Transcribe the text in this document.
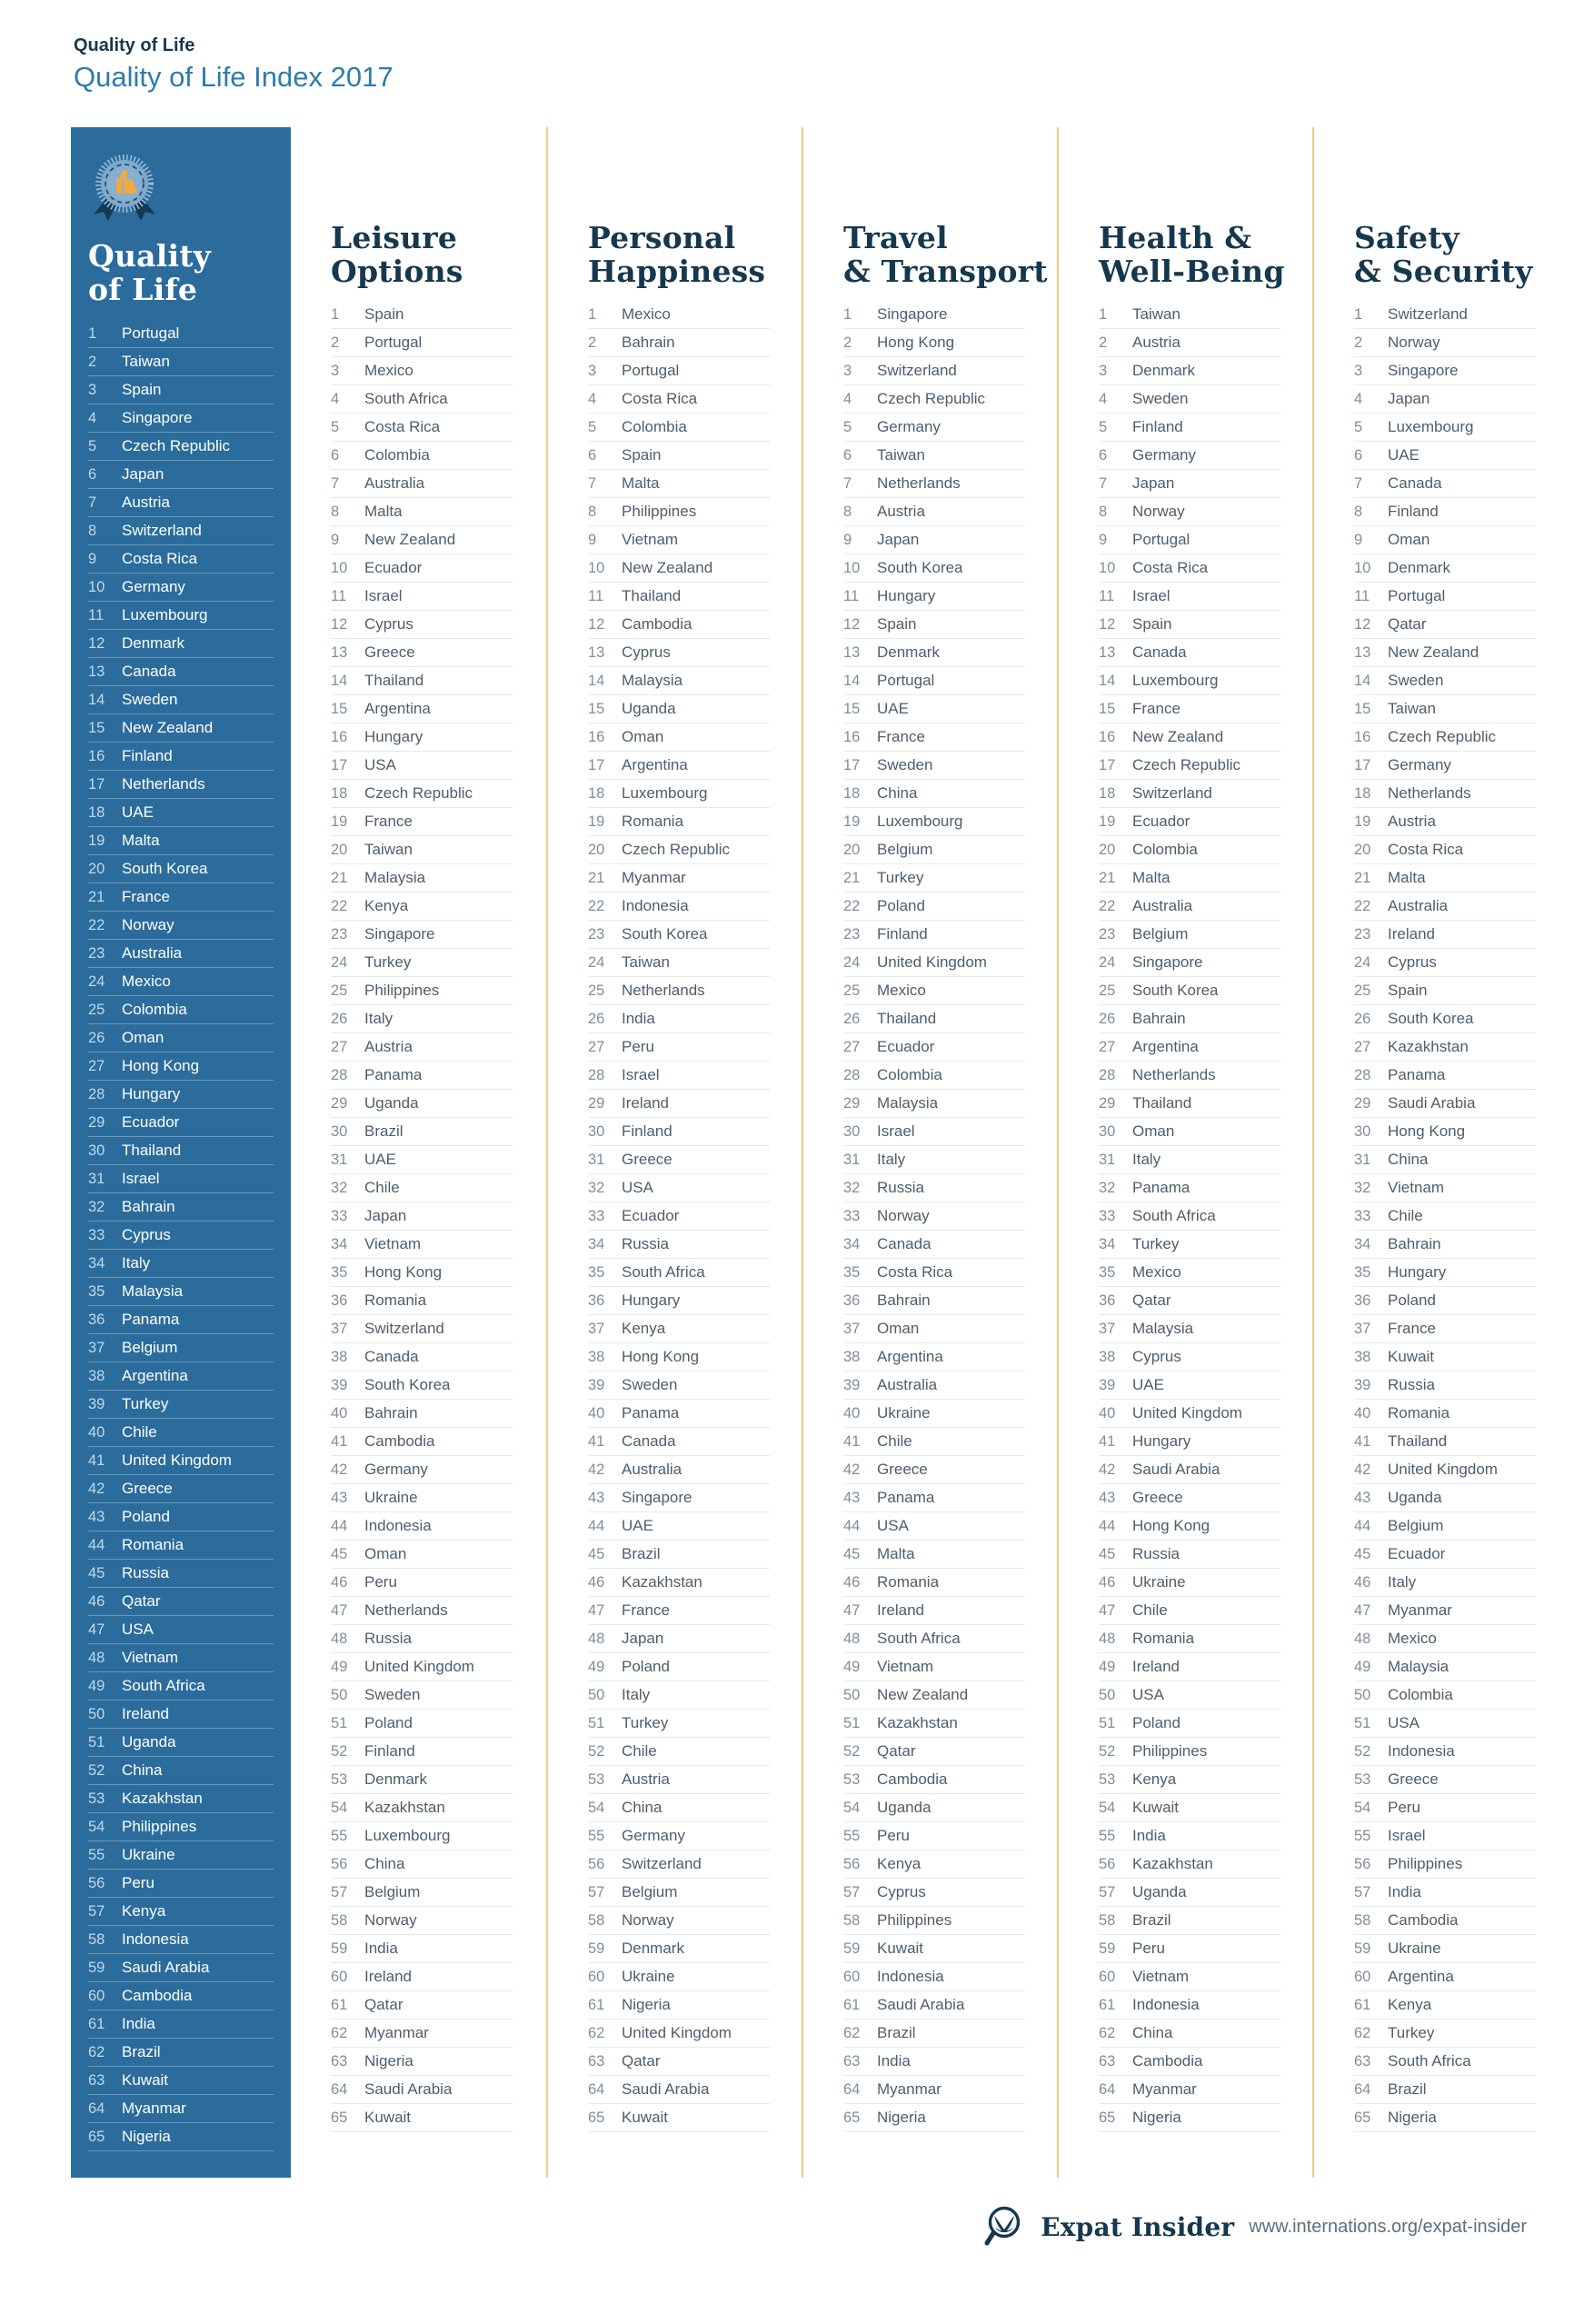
Quality of Life
Quality of Life Index 2017
Quality
of Life
1	Portugal
2	Taiwan
3	Spain
4	Singapore
5	Czech Republic
6	Japan
7	Austria
8	Switzerland
9	Costa Rica
10	Germany
11	Luxembourg
12	Denmark
13	Canada
14	Sweden
15	New Zealand
16	Finland
17	Netherlands
18	UAE
19	Malta
20	South Korea
21	France
22	Norway
23	Australia
24	Mexico
25	Colombia
26	Oman
27	Hong Kong
28	Hungary
29	Ecuador
30	Thailand
31	Israel
32	Bahrain
33	Cyprus
34	Italy
35	Malaysia
36	Panama
37	Belgium
38	Argentina
39	Turkey
40	Chile
41	United Kingdom
42	Greece
43	Poland
44	Romania
45	Russia
46	Qatar
47	USA
48	Vietnam
49	South Africa
50	Ireland
51	Uganda
52	China
53	Kazakhstan
54	Philippines
55	Ukraine
56	Peru
57	Kenya
58	Indonesia
59	Saudi Arabia
60	Cambodia
61	India
62	Brazil
63	Kuwait
64	Myanmar
65	Nigeria
Leisure
Options
1	Spain
2	Portugal
3	Mexico
4	South Africa
5	Costa Rica
6	Colombia
7	Australia
8	Malta
9	New Zealand
10	Ecuador
11	Israel
12	Cyprus
13	Greece
14	Thailand
15	Argentina
16	Hungary
17	USA
18	Czech Republic
19	France
20	Taiwan
21	Malaysia
22	Kenya
23	Singapore
24	Turkey
25	Philippines
26	Italy
27	Austria
28	Panama
29	Uganda
30	Brazil
31	UAE
32	Chile
33	Japan
34	Vietnam
35	Hong Kong
36	Romania
37	Switzerland
38	Canada
39	South Korea
40	Bahrain
41	Cambodia
42	Germany
43	Ukraine
44	Indonesia
45	Oman
46	Peru
47	Netherlands
48	Russia
49	United Kingdom
50	Sweden
51	Poland
52	Finland
53	Denmark
54	Kazakhstan
55	Luxembourg
56	China
57	Belgium
58	Norway
59	India
60	Ireland
61	Qatar
62	Myanmar
63	Nigeria
64	Saudi Arabia
65	Kuwait
Personal
Happiness
1	Mexico
2	Bahrain
3	Portugal
4	Costa Rica
5	Colombia
6	Spain
7	Malta
8	Philippines
9	Vietnam
10	New Zealand
11	Thailand
12	Cambodia
13	Cyprus
14	Malaysia
15	Uganda
16	Oman
17	Argentina
18	Luxembourg
19	Romania
20	Czech Republic
21	Myanmar
22	Indonesia
23	South Korea
24	Taiwan
25	Netherlands
26	India
27	Peru
28	Israel
29	Ireland
30	Finland
31	Greece
32	USA
33	Ecuador
34	Russia
35	South Africa
36	Hungary
37	Kenya
38	Hong Kong
39	Sweden
40	Panama
41	Canada
42	Australia
43	Singapore
44	UAE
45	Brazil
46	Kazakhstan
47	France
48	Japan
49	Poland
50	Italy
51	Turkey
52	Chile
53	Austria
54	China
55	Germany
56	Switzerland
57	Belgium
58	Norway
59	Denmark
60	Ukraine
61	Nigeria
62	United Kingdom
63	Qatar
64	Saudi Arabia
65	Kuwait
Travel
& Transport
1	Singapore
2	Hong Kong
3	Switzerland
4	Czech Republic
5	Germany
6	Taiwan
7	Netherlands
8	Austria
9	Japan
10	South Korea
11	Hungary
12	Spain
13	Denmark
14	Portugal
15	UAE
16	France
17	Sweden
18	China
19	Luxembourg
20	Belgium
21	Turkey
22	Poland
23	Finland
24	United Kingdom
25	Mexico
26	Thailand
27	Ecuador
28	Colombia
29	Malaysia
30	Israel
31	Italy
32	Russia
33	Norway
34	Canada
35	Costa Rica
36	Bahrain
37	Oman
38	Argentina
39	Australia
40	Ukraine
41	Chile
42	Greece
43	Panama
44	USA
45	Malta
46	Romania
47	Ireland
48	South Africa
49	Vietnam
50	New Zealand
51	Kazakhstan
52	Qatar
53	Cambodia
54	Uganda
55	Peru
56	Kenya
57	Cyprus
58	Philippines
59	Kuwait
60	Indonesia
61	Saudi Arabia
62	Brazil
63	India
64	Myanmar
65	Nigeria
Health &
Well-Being
1	Taiwan
2	Austria
3	Denmark
4	Sweden
5	Finland
6	Germany
7	Japan
8	Norway
9	Portugal
10	Costa Rica
11	Israel
12	Spain
13	Canada
14	Luxembourg
15	France
16	New Zealand
17	Czech Republic
18	Switzerland
19	Ecuador
20	Colombia
21	Malta
22	Australia
23	Belgium
24	Singapore
25	South Korea
26	Bahrain
27	Argentina
28	Netherlands
29	Thailand
30	Oman
31	Italy
32	Panama
33	South Africa
34	Turkey
35	Mexico
36	Qatar
37	Malaysia
38	Cyprus
39	UAE
40	United Kingdom
41	Hungary
42	Saudi Arabia
43	Greece
44	Hong Kong
45	Russia
46	Ukraine
47	Chile
48	Romania
49	Ireland
50	USA
51	Poland
52	Philippines
53	Kenya
54	Kuwait
55	India
56	Kazakhstan
57	Uganda
58	Brazil
59	Peru
60	Vietnam
61	Indonesia
62	China
63	Cambodia
64	Myanmar
65	Nigeria
Safety
& Security
1	Switzerland
2	Norway
3	Singapore
4	Japan
5	Luxembourg
6	UAE
7	Canada
8	Finland
9	Oman
10	Denmark
11	Portugal
12	Qatar
13	New Zealand
14	Sweden
15	Taiwan
16	Czech Republic
17	Germany
18	Netherlands
19	Austria
20	Costa Rica
21	Malta
22	Australia
23	Ireland
24	Cyprus
25	Spain
26	South Korea
27	Kazakhstan
28	Panama
29	Saudi Arabia
30	Hong Kong
31	China
32	Vietnam
33	Chile
34	Bahrain
35	Hungary
36	Poland
37	France
38	Kuwait
39	Russia
40	Romania
41	Thailand
42	United Kingdom
43	Uganda
44	Belgium
45	Ecuador
46	Italy
47	Myanmar
48	Mexico
49	Malaysia
50	Colombia
51	USA
52	Indonesia
53	Greece
54	Peru
55	Israel
56	Philippines
57	India
58	Cambodia
59	Ukraine
60	Argentina
61	Kenya
62	Turkey
63	South Africa
64	Brazil
65	Nigeria
Expat Insider www.internations.org/expat-insider
